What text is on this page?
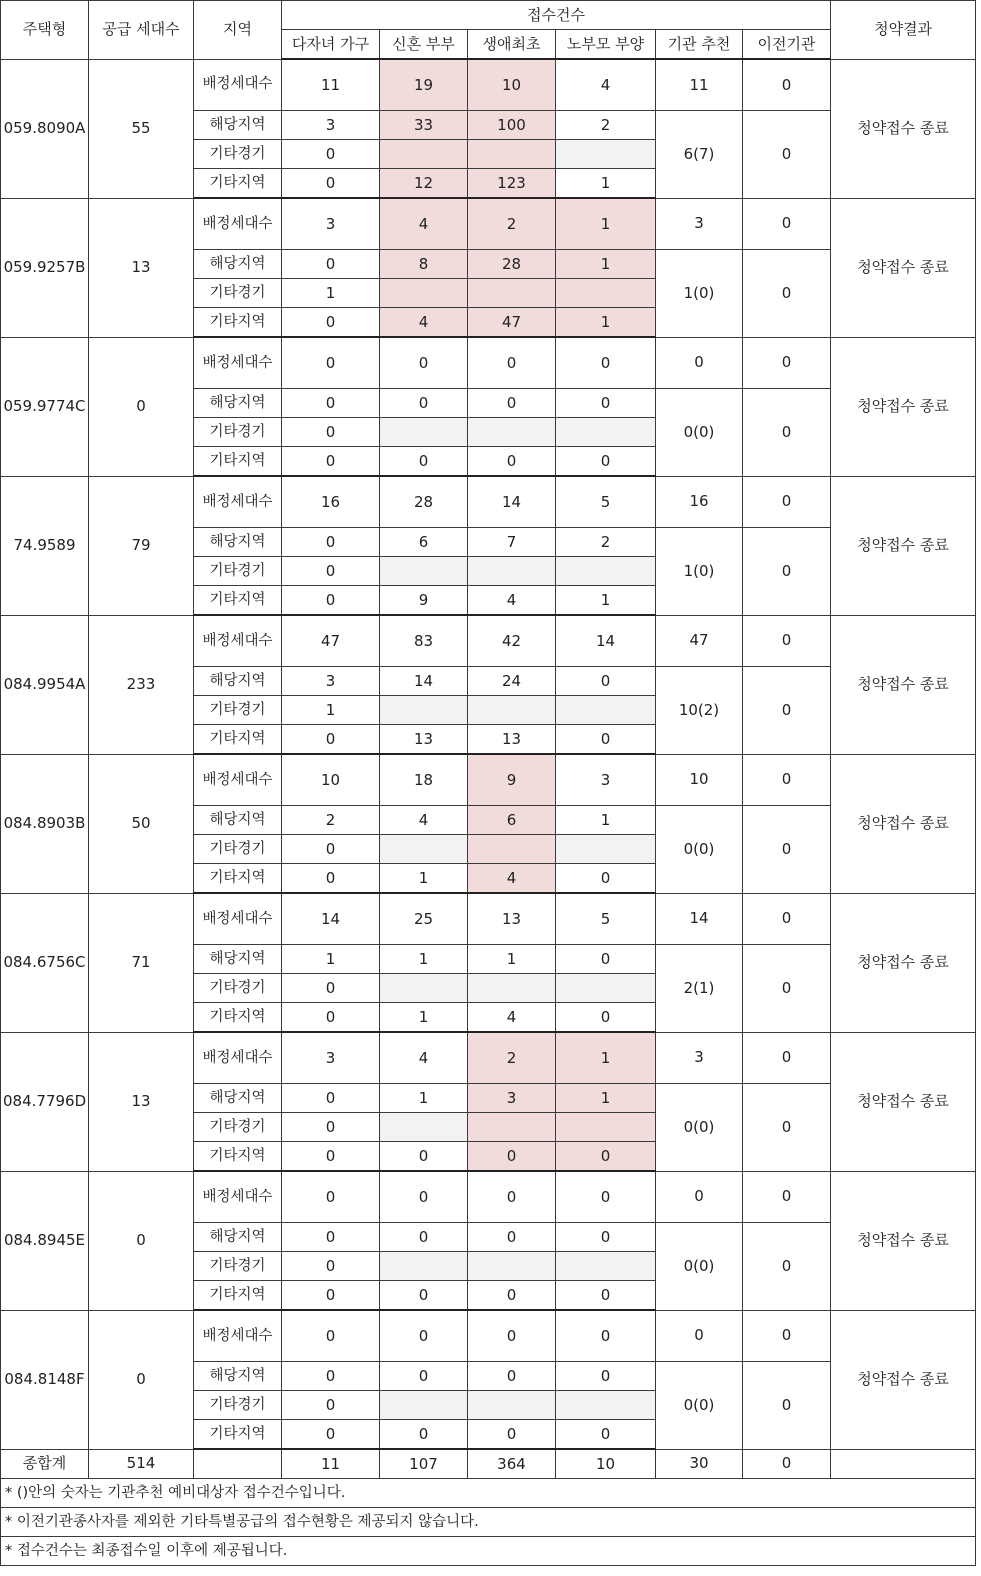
주택형	공급 세대수	지역	접수건수						청약결과
			다자녀 가구	신혼 부부	생애최초	노부모 부양	기관 추천	이전기관	
059.8090A	55	배정세대수	11	19	10	4	11	0	청약접수 종료
		해당지역	3	33	100	2	6(7)	0	
		기타경기	0						
		기타지역	0	12	123	1			
059.9257B	13	배정세대수	3	4	2	1	3	0	청약접수 종료
		해당지역	0	8	28	1	1(0)	0	
		기타경기	1						
		기타지역	0	4	47	1			
059.9774C	0	배정세대수	0	0	0	0	0	0	청약접수 종료
		해당지역	0	0	0	0	0(0)	0	
		기타경기	0						
		기타지역	0	0	0	0			
74.9589	79	배정세대수	16	28	14	5	16	0	청약접수 종료
		해당지역	0	6	7	2	1(0)	0	
		기타경기	0						
		기타지역	0	9	4	1			
084.9954A	233	배정세대수	47	83	42	14	47	0	청약접수 종료
		해당지역	3	14	24	0	10(2)	0	
		기타경기	1						
		기타지역	0	13	13	0			
084.8903B	50	배정세대수	10	18	9	3	10	0	청약접수 종료
		해당지역	2	4	6	1	0(0)	0	
		기타경기	0						
		기타지역	0	1	4	0			
084.6756C	71	배정세대수	14	25	13	5	14	0	청약접수 종료
		해당지역	1	1	1	0	2(1)	0	
		기타경기	0						
		기타지역	0	1	4	0			
084.7796D	13	배정세대수	3	4	2	1	3	0	청약접수 종료
		해당지역	0	1	3	1	0(0)	0	
		기타경기	0						
		기타지역	0	0	0	0			
084.8945E	0	배정세대수	0	0	0	0	0	0	청약접수 종료
		해당지역	0	0	0	0	0(0)	0	
		기타경기	0						
		기타지역	0	0	0	0			
084.8148F	0	배정세대수	0	0	0	0	0	0	청약접수 종료
		해당지역	0	0	0	0	0(0)	0	
		기타경기	0						
		기타지역	0	0	0	0			
종합계	514		11	107	364	10	30	0	
* ()안의 숫자는 기관추천 예비대상자 접수건수입니다.									
* 이전기관종사자를 제외한 기타특별공급의 접수현황은 제공되지 않습니다.									
* 접수건수는 최종접수일 이후에 제공됩니다.									
